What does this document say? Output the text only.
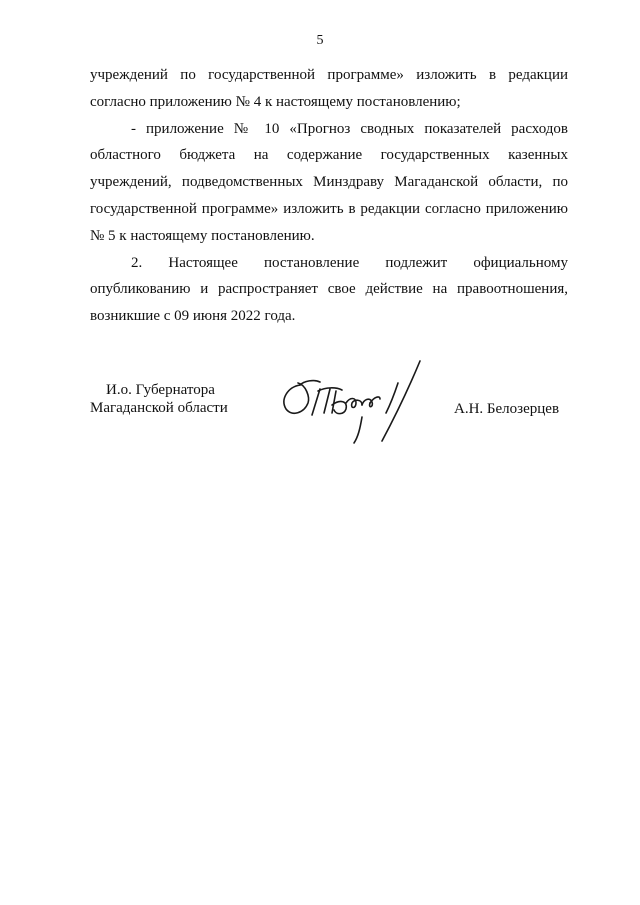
5

учреждений по государственной программе» изложить в редакции согласно приложению № 4 к настоящему постановлению;

- приложение № 10 «Прогноз сводных показателей расходов областного бюджета на содержание государственных казенных учреждений, подведомственных Минздраву Магаданской области, по государственной программе» изложить в редакции согласно приложению № 5 к настоящему постановлению.

2. Настоящее постановление подлежит официальному опубликованию и распространяет свое действие на правоотношения, возникшие с 09 июня 2022 года.

И.о. Губернатора
Магаданской области	А.Н. Белозерцев
